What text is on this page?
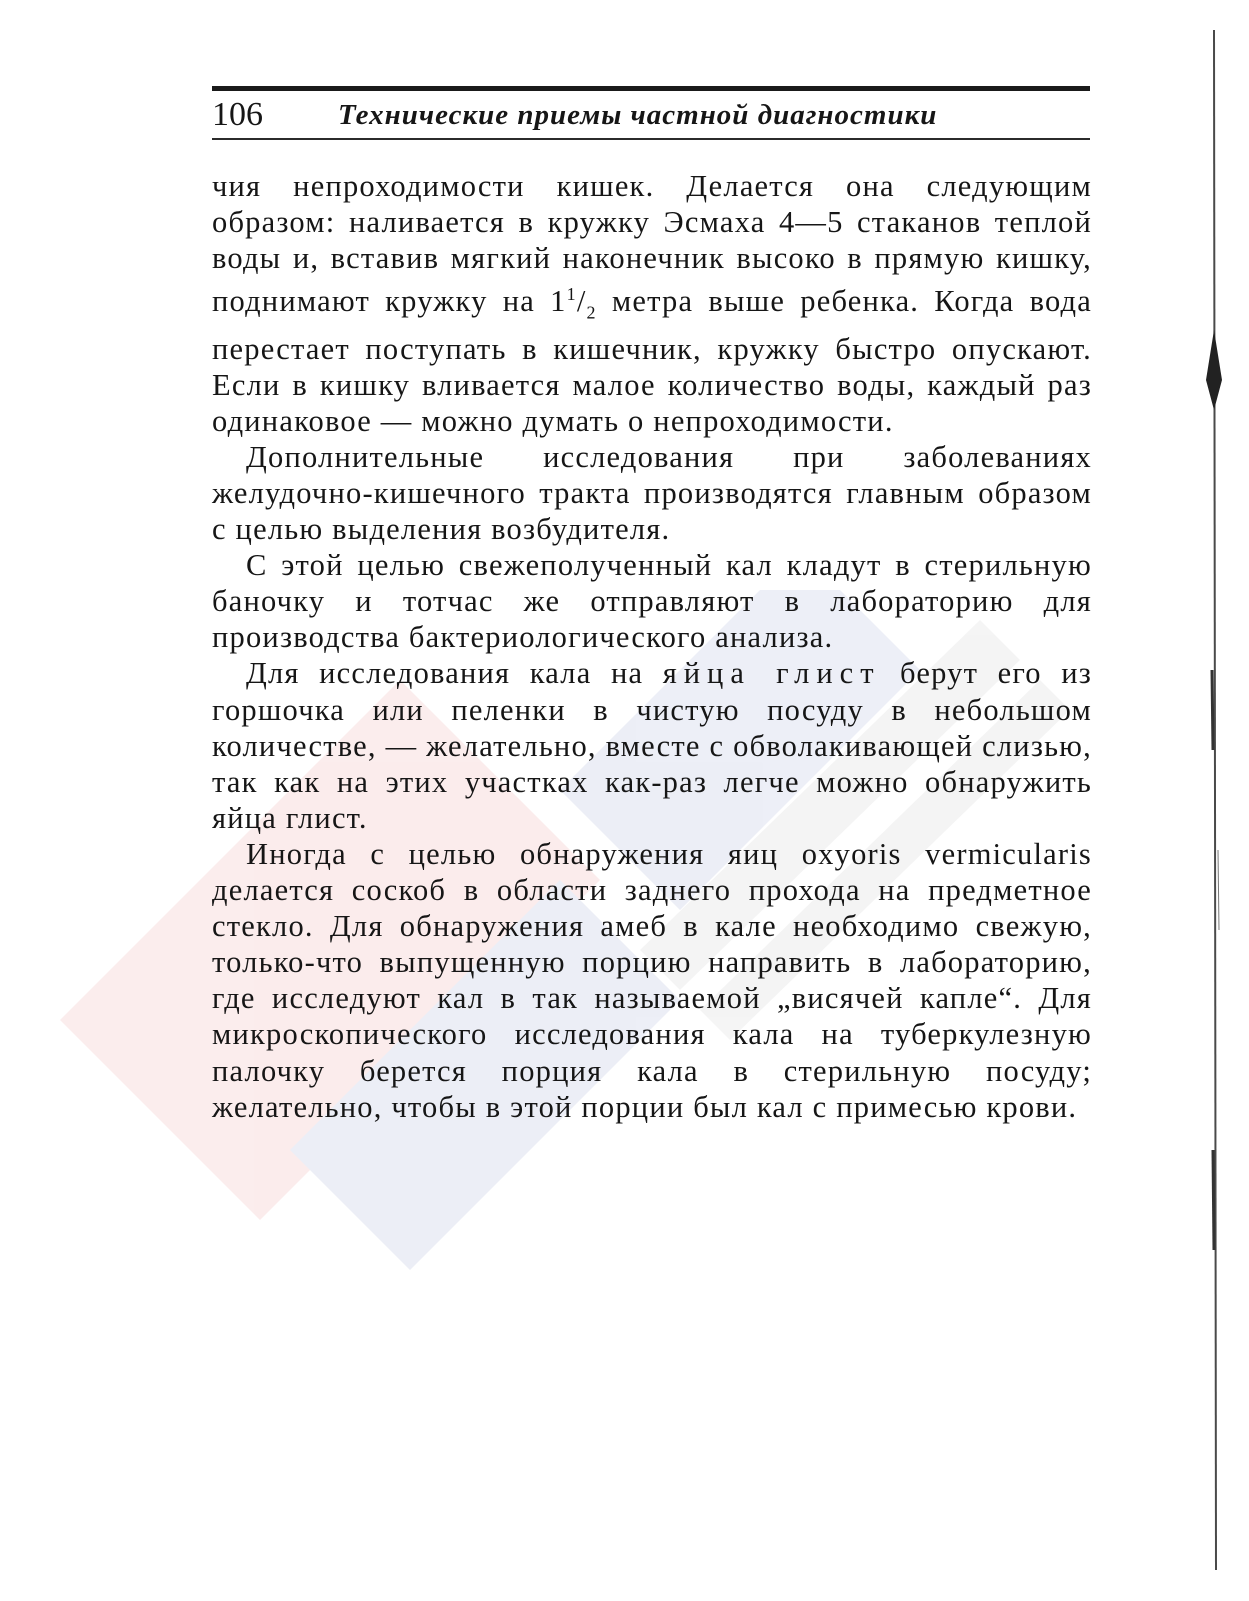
106	Технические приемы частной диагностики

чия непроходимости кишек. Делается она следующим образом: наливается в кружку Эсмаха 4—5 стаканов теплой воды и, вставив мягкий наконечник высоко в прямую кишку, поднимают кружку на $1^1/_2$ метра выше ребенка. Когда вода перестает поступать в кишечник, кружку быстро опускают. Если в кишку вливается малое количество воды, каждый раз одинаковое — можно думать о непроходимости.

Дополнительные исследования при заболеваниях желудочно-кишечного тракта производятся главным образом с целью выделения возбудителя.

С этой целью свежеполученный кал кладут в стерильную баночку и тотчас же отправляют в лабораторию для производства бактериологического анализа.

Для исследования кала на яйца глист берут его из горшочка или пеленки в чистую посуду в небольшом количестве, — желательно, вместе с обволакивающей слизью, так как на этих участках как-раз легче можно обнаружить яйца глист.

Иногда с целью обнаружения яиц oxyoris vermicularis делается соскоб в области заднего прохода на предметное стекло. Для обнаружения амеб в кале необходимо свежую, только-что выпущенную порцию направить в лабораторию, где исследуют кал в так называемой „висячей капле“. Для микроскопического исследования кала на туберкулезную палочку берется порция кала в стерильную посуду; желательно, чтобы в этой порции был кал с примесью крови.
